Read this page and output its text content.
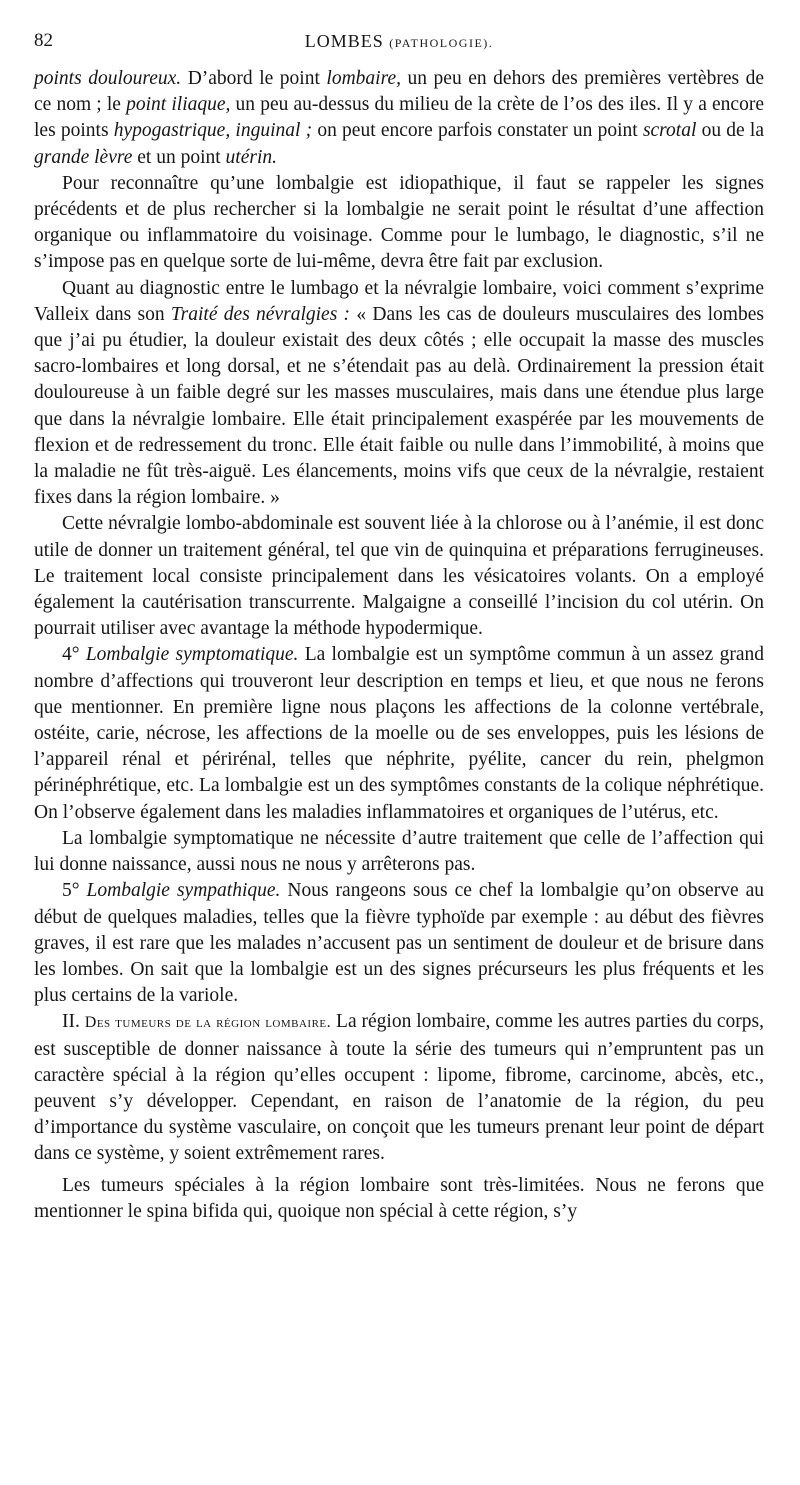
82	LOMBES (PATHOLOGIE).

points douloureux. D’abord le point lombaire, un peu en dehors des premières vertèbres de ce nom ; le point iliaque, un peu au-dessus du milieu de la crète de l’os des iles. Il y a encore les points hypogastrique, inguinal ; on peut encore parfois constater un point scrotal ou de la grande lèvre et un point utérin.

Pour reconnaître qu’une lombalgie est idiopathique, il faut se rappeler les signes précédents et de plus rechercher si la lombalgie ne serait point le résultat d’une affection organique ou inflammatoire du voisinage. Comme pour le lumbago, le diagnostic, s’il ne s’impose pas en quelque sorte de lui-même, devra être fait par exclusion.

Quant au diagnostic entre le lumbago et la névralgie lombaire, voici comment s’exprime Valleix dans son Traité des névralgies : « Dans les cas de douleurs musculaires des lombes que j’ai pu étudier, la douleur existait des deux côtés ; elle occupait la masse des muscles sacro-lombaires et long dorsal, et ne s’étendait pas au delà. Ordinairement la pression était douloureuse à un faible degré sur les masses musculaires, mais dans une étendue plus large que dans la névralgie lombaire. Elle était principalement exaspérée par les mouvements de flexion et de redressement du tronc. Elle était faible ou nulle dans l’immobilité, à moins que la maladie ne fût très-aiguë. Les élancements, moins vifs que ceux de la névralgie, restaient fixes dans la région lombaire. »

Cette névralgie lombo-abdominale est souvent liée à la chlorose ou à l’anémie, il est donc utile de donner un traitement général, tel que vin de quinquina et préparations ferrugineuses. Le traitement local consiste principalement dans les vésicatoires volants. On a employé également la cautérisation transcurrente. Malgaigne a conseillé l’incision du col utérin. On pourrait utiliser avec avantage la méthode hypodermique.

4° Lombalgie symptomatique. La lombalgie est un symptôme commun à un assez grand nombre d’affections qui trouveront leur description en temps et lieu, et que nous ne ferons que mentionner. En première ligne nous plaçons les affections de la colonne vertébrale, ostéite, carie, nécrose, les affections de la moelle ou de ses enveloppes, puis les lésions de l’appareil rénal et périrénal, telles que néphrite, pyélite, cancer du rein, phelgmon périnéphrétique, etc. La lombalgie est un des symptômes constants de la colique néphrétique. On l’observe également dans les maladies inflammatoires et organiques de l’utérus, etc.

La lombalgie symptomatique ne nécessite d’autre traitement que celle de l’affection qui lui donne naissance, aussi nous ne nous y arrêterons pas.

5° Lombalgie sympathique. Nous rangeons sous ce chef la lombalgie qu’on observe au début de quelques maladies, telles que la fièvre typhoïde par exemple : au début des fièvres graves, il est rare que les malades n’accusent pas un sentiment de douleur et de brisure dans les lombes. On sait que la lombalgie est un des signes précurseurs les plus fréquents et les plus certains de la variole.

II. Des tumeurs de la région lombaire. La région lombaire, comme les autres parties du corps, est susceptible de donner naissance à toute la série des tumeurs qui n’empruntent pas un caractère spécial à la région qu’elles occupent : lipome, fibrome, carcinome, abcès, etc., peuvent s’y développer. Cependant, en raison de l’anatomie de la région, du peu d’importance du système vasculaire, on conçoit que les tumeurs prenant leur point de départ dans ce système, y soient extrêmement rares.

Les tumeurs spéciales à la région lombaire sont très-limitées. Nous ne ferons que mentionner le spina bifida qui, quoique non spécial à cette région, s’y
